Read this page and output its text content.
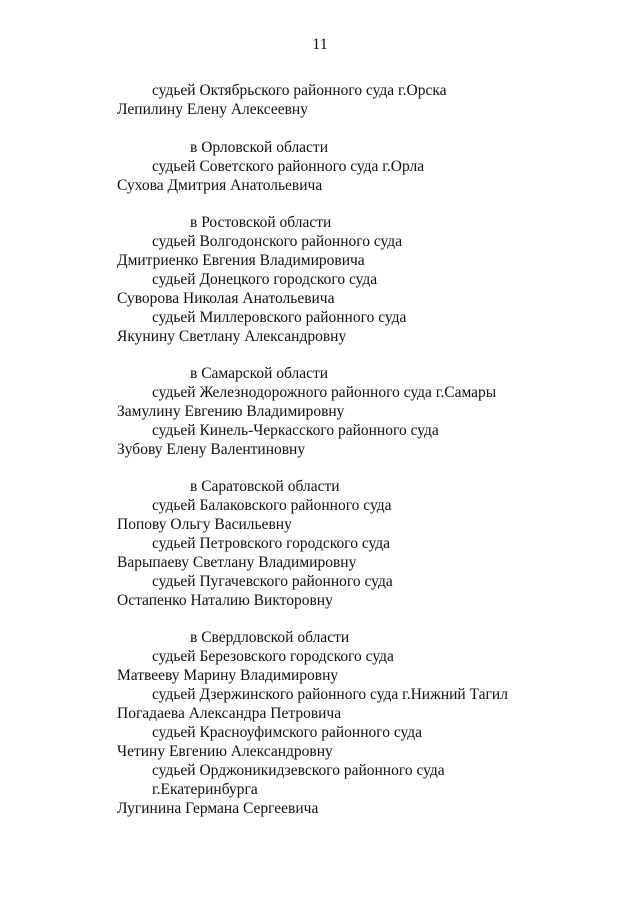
11
судьей Октябрьского районного суда г.Орска
Лепилину Елену Алексеевну
в Орловской области
судьей Советского районного суда г.Орла
Сухова Дмитрия Анатольевича
в Ростовской области
судьей Волгодонского районного суда
Дмитриенко Евгения Владимировича
судьей Донецкого городского суда
Суворова Николая Анатольевича
судьей Миллеровского районного суда
Якунину Светлану Александровну
в Самарской области
судьей Железнодорожного районного суда г.Самары
Замулину Евгению Владимировну
судьей Кинель-Черкасского районного суда
Зубову Елену Валентиновну
в Саратовской области
судьей Балаковского районного суда
Попову Ольгу Васильевну
судьей Петровского городского суда
Варыпаеву Светлану Владимировну
судьей Пугачевского районного суда
Остапенко Наталию Викторовну
в Свердловской области
судьей Березовского городского суда
Матвееву Марину Владимировну
судьей Дзержинского районного суда г.Нижний Тагил
Погадаева Александра Петровича
судьей Красноуфимского районного суда
Четину Евгению Александровну
судьей Орджоникидзевского районного суда
г.Екатеринбурга
Лугинина Германа Сергеевича
